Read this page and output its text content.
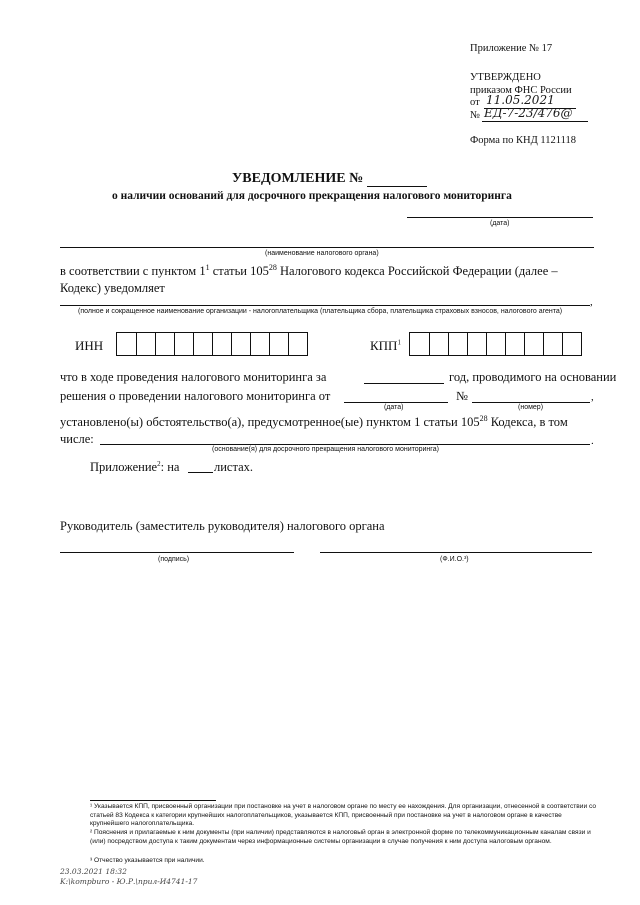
Приложение № 17
УТВЕРЖДЕНО
приказом ФНС России
от 11.05.2021
№ ЕД-7-23/476@
Форма по КНД 1121118
УВЕДОМЛЕНИЕ №
о наличии оснований для досрочного прекращения налогового мониторинга
(дата)
(наименование налогового органа)
в соответствии с пунктом $1^1$ статьи $105^{28}$ Налогового кодекса Российской Федерации (далее –
Кодекс) уведомляет
,
(полное и сокращенное наименование организации - налогоплательщика (плательщика сбора, плательщика страховых взносов, налогового агента)
ИНН	КПП$^1$
что в ходе проведения налогового мониторинга за	год, проводимого на основании
решения о проведении налогового мониторинга от	№	,
(дата)	(номер)
установлено(ы) обстоятельство(а), предусмотренное(ые) пунктом 1 статьи $105^{28}$ Кодекса, в том
числе:	.
(основание(я) для досрочного прекращения налогового мониторинга)
Приложение$^2$: на	листах.
Руководитель (заместитель руководителя) налогового органа
(подпись)	(Ф.И.О.³)
¹ Указывается КПП, присвоенный организации при постановке на учет в налоговом органе по месту ее нахождения. Для организации, отнесенной в соответствии со статьей 83 Кодекса к категории крупнейших налогоплательщиков, указывается КПП, присвоенный при постановке на учет в налоговом органе в качестве крупнейшего налогоплательщика.
² Пояснения и прилагаемые к ним документы (при наличии) представляются в налоговый орган в электронной форме по телекоммуникационным каналам связи и (или) посредством доступа к таким документам через информационные системы организации в случае получения к ним доступа налоговым органом.
³ Отчество указывается при наличии.
23.03.2021 18:32
K:\kompburo - Ю.Р.\прил-И4741-17
